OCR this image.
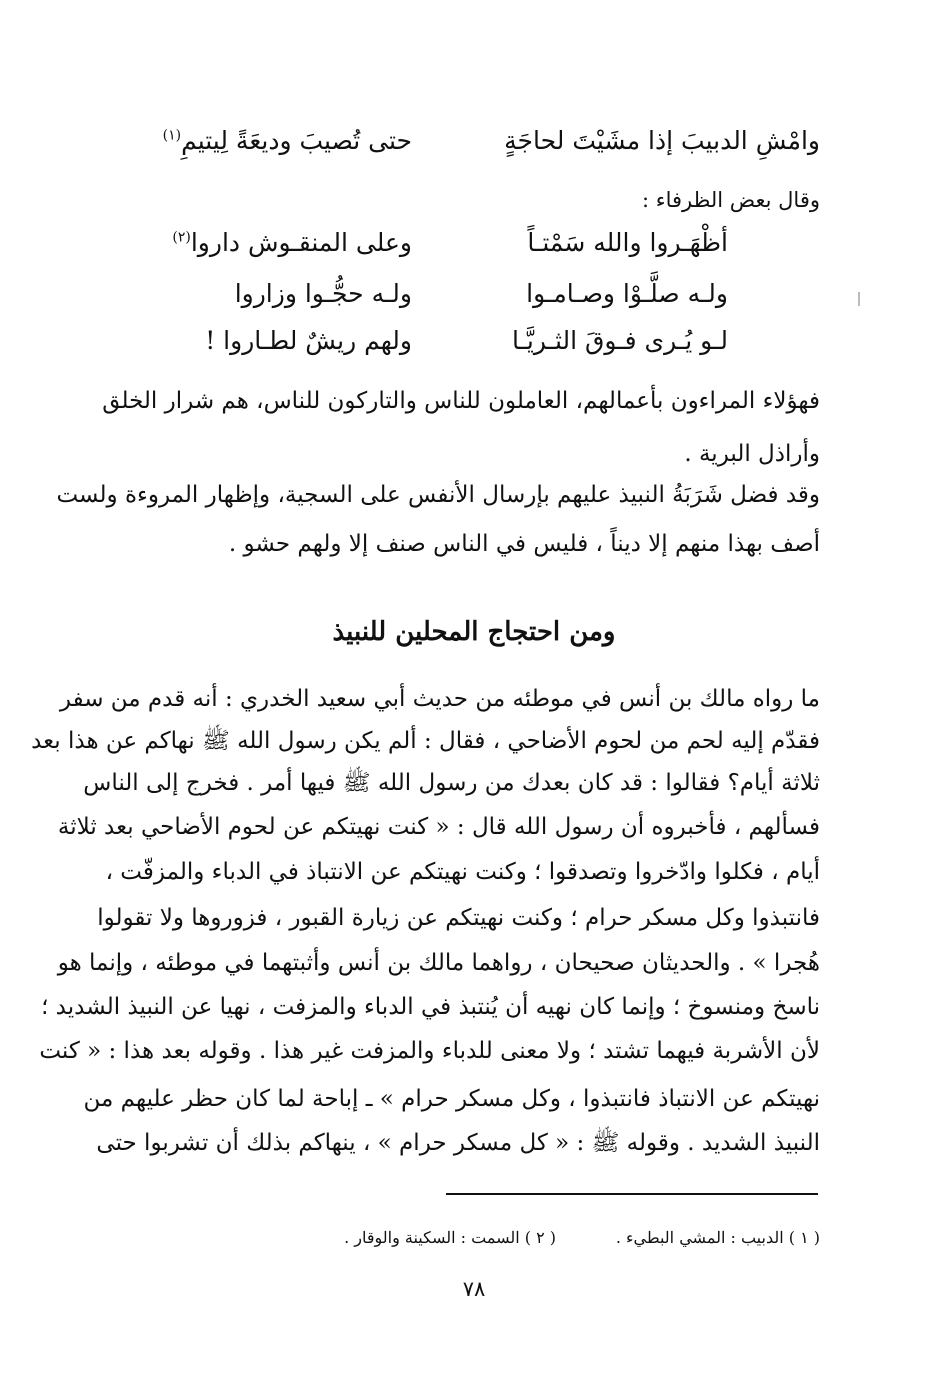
وامْشِ الدبيبَ إذا مشَيْتَ لحاجَةٍ
حتى تُصيبَ وديعَةً لِيتيمِ$^{(١)}$
وقال بعض الظرفاء :
أظْهَـروا والله سَمْتـاً
وعلى المنقـوش داروا$^{(٢)}$
ولـه صلَّـوْا وصـامـوا
ولـه حجُّـوا وزاروا
لـو يُـرى فـوقَ الثـريَّـا
ولهم ريشٌ لطـاروا !
فهؤلاء المراءون بأعمالهم، العاملون للناس والتاركون للناس، هم شرار الخلق
وأراذل البرية .
وقد فضل شَرَبَةُ النبيذ عليهم بإرسال الأنفس على السجية، وإظهار المروءة ولست
أصف بهذا منهم إلا ديناً ، فليس في الناس صنف إلا ولهم حشو .
ومن احتجاج المحلين للنبيذ
ما رواه مالك بن أنس في موطئه من حديث أبي سعيد الخدري : أنه قدم من سفر
فقدّم إليه لحم من لحوم الأضاحي ، فقال : ألم يكن رسول الله ﷺ نهاكم عن هذا بعد
ثلاثة أيام؟ فقالوا : قد كان بعدك من رسول الله ﷺ فيها أمر . فخرج إلى الناس
فسألهم ، فأخبروه أن رسول الله قال : « كنت نهيتكم عن لحوم الأضاحي بعد ثلاثة
أيام ، فكلوا وادّخروا وتصدقوا ؛ وكنت نهيتكم عن الانتباذ في الدباء والمزفّت ،
فانتبذوا وكل مسكر حرام ؛ وكنت نهيتكم عن زيارة القبور ، فزوروها ولا تقولوا
هُجرا » . والحديثان صحيحان ، رواهما مالك بن أنس وأثبتهما في موطئه ، وإنما هو
ناسخ ومنسوخ ؛ وإنما كان نهيه أن يُنتبذ في الدباء والمزفت ، نهيا عن النبيذ الشديد ؛
لأن الأشربة فيهما تشتد ؛ ولا معنى للدباء والمزفت غير هذا . وقوله بعد هذا : « كنت
نهيتكم عن الانتباذ فانتبذوا ، وكل مسكر حرام » ـ إباحة لما كان حظر عليهم من
النبيذ الشديد . وقوله ﷺ : « كل مسكر حرام » ، ينهاكم بذلك أن تشربوا حتى
( ١ ) الدبيب : المشي البطيء .
( ٢ ) السمت : السكينة والوقار .
٧٨
